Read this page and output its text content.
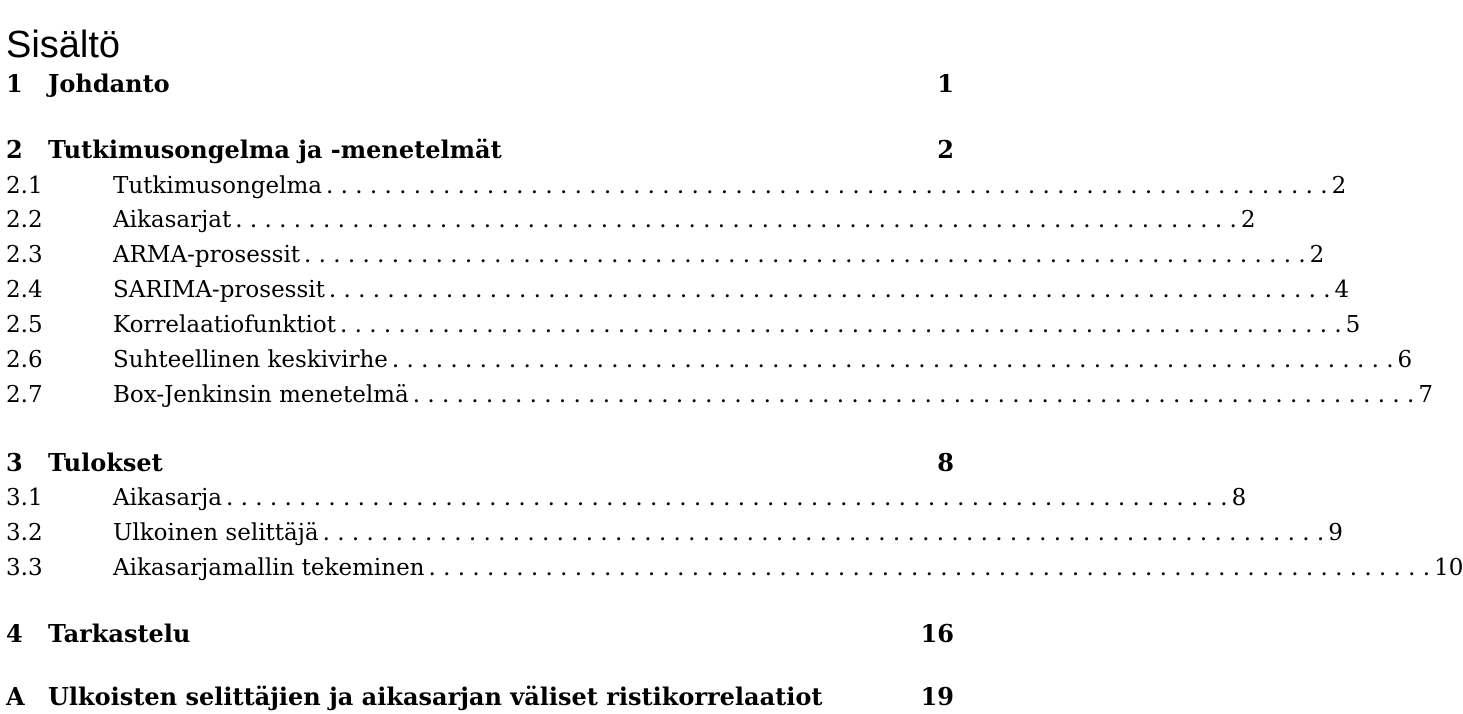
Sisältö
1	Johdanto	1
2	Tutkimusongelma ja -menetelmät	2
2.1	Tutkimusongelma . . . . . . . . . . . . . . . . . . . . . . . . . . . . . . . . . . . . . . . . . . . . . . . . . . . . . . . . . . . . . . . . . . . . . 2
2.2	Aikasarjat . . . . . . . . . . . . . . . . . . . . . . . . . . . . . . . . . . . . . . . . . . . . . . . . . . . . . . . . . . . . . . . . . . . . . 2
2.3	ARMA-prosessit . . . . . . . . . . . . . . . . . . . . . . . . . . . . . . . . . . . . . . . . . . . . . . . . . . . . . . . . . . . . . . . . . . . . . 2
2.4	SARIMA-prosessit . . . . . . . . . . . . . . . . . . . . . . . . . . . . . . . . . . . . . . . . . . . . . . . . . . . . . . . . . . . . . . . . . . . . . 4
2.5	Korrelaatiofunktiot . . . . . . . . . . . . . . . . . . . . . . . . . . . . . . . . . . . . . . . . . . . . . . . . . . . . . . . . . . . . . . . . . . . . . 5
2.6	Suhteellinen keskivirhe . . . . . . . . . . . . . . . . . . . . . . . . . . . . . . . . . . . . . . . . . . . . . . . . . . . . . . . . . . . . . . . . . . . . . 6
2.7	Box-Jenkinsin menetelmä . . . . . . . . . . . . . . . . . . . . . . . . . . . . . . . . . . . . . . . . . . . . . . . . . . . . . . . . . . . . . . . . . . . . . 7
3	Tulokset	8
3.1	Aikasarja . . . . . . . . . . . . . . . . . . . . . . . . . . . . . . . . . . . . . . . . . . . . . . . . . . . . . . . . . . . . . . . . . . . . . 8
3.2	Ulkoinen selittäjä . . . . . . . . . . . . . . . . . . . . . . . . . . . . . . . . . . . . . . . . . . . . . . . . . . . . . . . . . . . . . . . . . . . . . 9
3.3	Aikasarjamallin tekeminen . . . . . . . . . . . . . . . . . . . . . . . . . . . . . . . . . . . . . . . . . . . . . . . . . . . . . . . . . . . . . . . . . . . . . 10
4	Tarkastelu	16
A Ulkoisten selittäjien ja aikasarjan väliset ristikorrelaatiot	19
